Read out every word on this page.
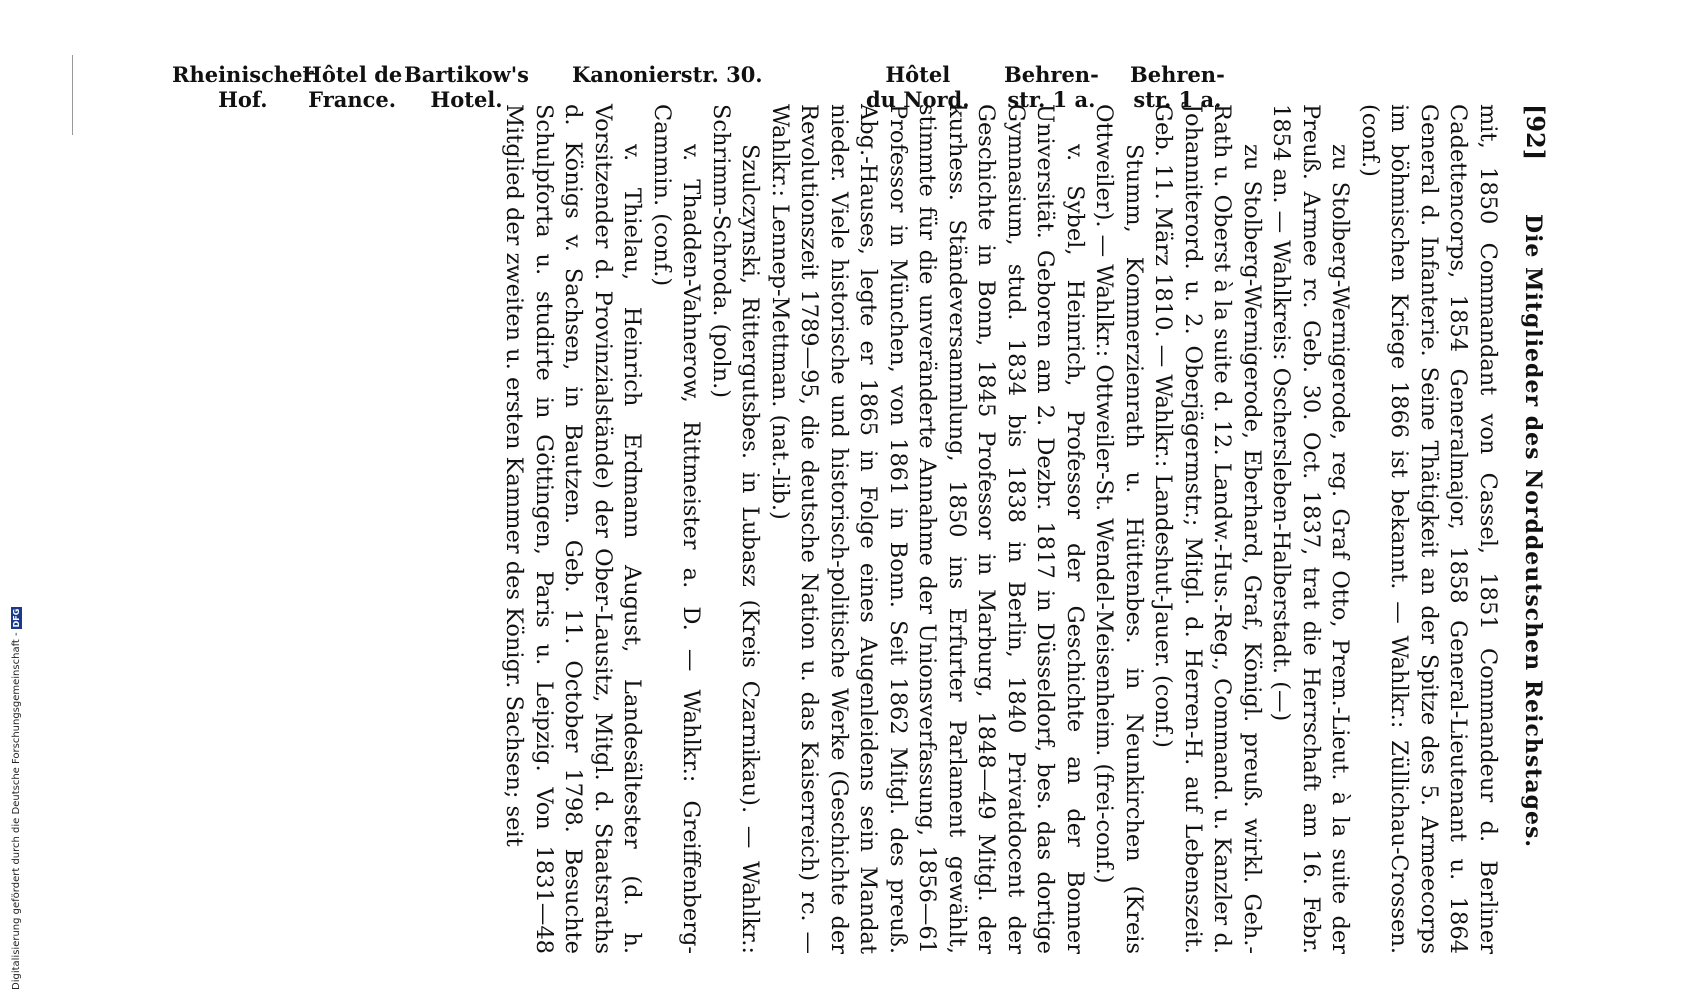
Digitalisierung gefördert durch die Deutsche Forschungsgemeinschaft -
DFG
Rheinischer
Hof.
Hôtel de
France.
Bartikow's
Hotel.
Kanonierstr. 30.	Hôtel
du Nord.
Behren-
str. 1 a.
Behren-
str. 1 a.
[92]
Die Mitglieder des Norddeutschen Reichstages.

mit, 1850 Commandant von Cassel, 1851 Commandeur d. Berliner Cadettencorps, 1854 Generalmajor, 1858 General-Lieutenant u. 1864 General d. Infanterie. Seine Thätigkeit an der Spitze des 5. Armeecorps im böhmischen Kriege 1866 ist bekannt. — Wahlkr.: Züllichau-Crossen. (conf.)

zu Stolberg-Wernigerode, reg. Graf Otto, Prem.-Lieut. à la suite der Preuß. Armee rc. Geb. 30. Oct. 1837, trat die Herrschaft am 16. Febr. 1854 an. — Wahlkreis: Oschersleben-Halberstadt. (—)

zu Stolberg-Wernigerode, Eberhard, Graf, Königl. preuß. wirkl. Geh.-Rath u. Oberst à la suite d. 12. Landw.-Hus.-Reg., Command. u. Kanzler d. Johanniterord. u. 2. Oberjägermstr.; Mitgl. d. Herren-H. auf Lebenszeit. Geb. 11. März 1810. — Wahlkr.: Landeshut-Jauer. (conf.)

Stumm, Kommerzienrath u. Hüttenbes. in Neunkirchen (Kreis Ottweiler). — Wahlkr.: Ottweiler-St. Wendel-Meisenheim. (frei-conf.)

v. Sybel, Heinrich, Professor der Geschichte an der Bonner Universität. Geboren am 2. Dezbr. 1817 in Düsseldorf, bes. das dortige Gymnasium, stud. 1834 bis 1838 in Berlin, 1840 Privatdocent der Geschichte in Bonn, 1845 Professor in Marburg, 1848—49 Mitgl. der kurhess. Ständeversammlung, 1850 ins Erfurter Parlament gewählt, stimmte für die unveränderte Annahme der Unionsverfassung, 1856—61 Professor in München, von 1861 in Bonn. Seit 1862 Mitgl. des preuß. Abg.-Hauses, legte er 1865 in Folge eines Augenleidens sein Mandat nieder. Viele historische und historisch-politische Werke (Geschichte der Revolutionszeit 1789—95, die deutsche Nation u. das Kaiserreich) rc. — Wahlkr.: Lennep-Mettman. (nat.-lib.)

Szulczynski, Rittergutsbes. in Lubasz (Kreis Czarnikau). — Wahlkr.: Schrimm-Schroda. (poln.)

v. Thadden-Vahnerow, Rittmeister a. D. — Wahlkr.: Greiffenberg-Cammin. (conf.)

v. Thielau, Heinrich Erdmann August, Landesältester (d. h. Vorsitzender d. Provinzialstände) der Ober-Lausitz, Mitgl. d. Staatsraths d. Königs v. Sachsen, in Bautzen. Geb. 11. October 1798. Besuchte Schulpforta u. studirte in Göttingen, Paris u. Leipzig. Von 1831—48 Mitglied der zweiten u. ersten Kammer des Königr. Sachsen; seit
